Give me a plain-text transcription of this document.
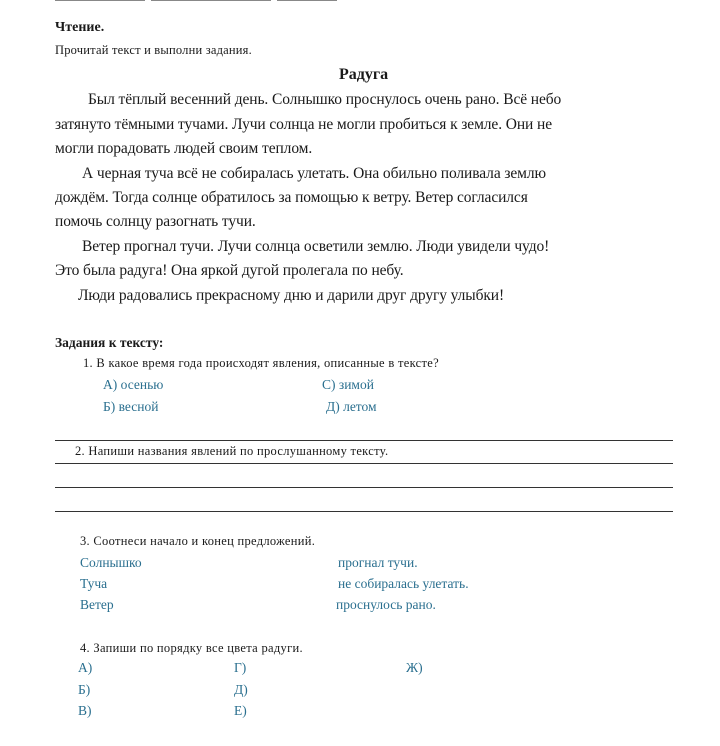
Чтение.
Прочитай текст и выполни задания.
Радуга
Был тёплый весенний день. Солнышко проснулось очень рано. Всё небо
затянуто тёмными тучами. Лучи солнца не могли пробиться к земле. Они не
могли порадовать людей своим теплом.
А черная туча всё не собиралась улетать. Она обильно поливала землю
дождём. Тогда солнце обратилось за помощью к ветру. Ветер согласился
помочь солнцу разогнать тучи.
Ветер прогнал тучи. Лучи солнца осветили землю. Люди увидели чудо!
Это была радуга! Она яркой дугой пролегала по небу.
Люди радовались прекрасному дню и дарили друг другу улыбки!
Задания к тексту:
1. В какое время года происходят явления, описанные в тексте?
А) осенью
Б) весной
С) зимой
Д) летом
2. Напиши названия явлений по прослушанному тексту.
3. Соотнеси начало и конец предложений.
Солнышко
Туча
Ветер
прогнал тучи.
не собиралась улетать.
проснулось рано.
4. Запиши по порядку все цвета радуги.
А)
Б)
В)
Г)
Д)
Е)
Ж)
